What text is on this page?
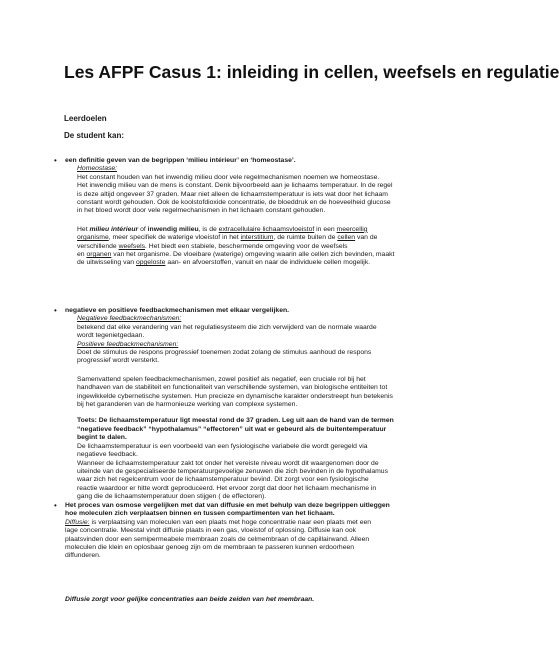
Les AFPF Casus 1: inleiding in cellen, weefsels en regulatie

Leerdoelen

De student kan:

• een definitie geven van de begrippen ‘milieu intérieur’ en ‘homeostase’.

Homeostase:

Het constant houden van het inwendig milieu door vele regelmechanismen noemen we homeostase.

Het inwendig milieu van de mens is constant. Denk bijvoorbeeld aan je lichaams temperatuur. In de regel

is deze altijd ongeveer 37 graden. Maar niet alleen de lichaamstemperatuur is iets wat door het lichaam

constant wordt gehouden. Ook de koolstofdioxide concentratie, de bloeddruk en de hoeveelheid glucose

in het bloed wordt door vele regelmechanismen in het lichaam constant gehouden.

Het milieu intérieur of inwendig milieu, is de extracellulaire lichaamsvloeistof in een meercellig

organisme, meer specifiek de waterige vloeistof in het interstitium, de ruimte buiten de cellen van de

verschillende weefsels. Het biedt een stabiele, beschermende omgeving voor de weefsels

en organen van het organisme. De vloeibare (waterige) omgeving waarin alle cellen zich bevinden, maakt

de uitwisseling van opgeloste aan- en afvoerstoffen, vanuit en naar de individuele cellen mogelijk.

• negatieve en positieve feedbackmechanismen met elkaar vergelijken.

Negatieve feedbackmechanismen:

betekend dat elke verandering van het regulatiesysteem die zich verwijderd van de normale waarde

wordt tegenietgedaan.

Positieve feedbackmechanismen:

Doet de stimulus de respons progressief toenemen zodat zolang de stimulus aanhoud de respons

progressief wordt versterkt.

Samenvattend spelen feedbackmechanismen, zowel positief als negatief, een cruciale rol bij het

handhaven van de stabiliteit en functionaliteit van verschillende systemen, van biologische entiteiten tot

ingewikkelde cybernetische systemen. Hun precieze en dynamische karakter onderstreept hun betekenis

bij het garanderen van de harmonieuze werking van complexe systemen.

Toets: De lichaamstemperatuur ligt meestal rond de 37 graden. Leg uit aan de hand van de termen

“negatieve feedback” “hypothalamus” “effectoren” uit wat er gebeurd als de buitentemperatuur

begint te dalen.

De lichaamstemperatuur is een voorbeeld van een fysiologische variabele die wordt geregeld via

negatieve feedback.

Wanneer de lichaamstemperatuur zakt tot onder het vereiste niveau wordt dit waargenomen door de

uiteinde van de gespecialiseerde temperatuurgevoelige zenuwen die zich bevinden in de hypothalamus

waar zich het regelcentrum voor de lichaamstemperatuur bevind. Dit zorgt voor een fysiologische

reactie waardoor er hitte wordt geproduceerd. Het ervoor zorgt dat door het lichaam mechanisme in

gang die de lichaamstemperatuur doen stijgen ( de effectoren).

• Het proces van osmose vergelijken met dat van diffusie en met behulp van deze begrippen uitleggen

hoe moleculen zich verplaatsen binnen en tussen compartimenten van het lichaam.

Diffusie: is verplaatsing van moleculen van een plaats met hoge concentratie naar een plaats met een

lage concentratie. Meestal vindt diffusie plaats in een gas, vloeistof of oplossing. Diffusie kan ook

plaatsvinden door een semipermeabele membraan zoals de celmembraan of de capillairwand. Alleen

moleculen die klein en oplosbaar genoeg zijn om de membraan te passeren kunnen erdoorheen

diffunderen.

Diffusie zorgt voor gelijke concentraties aan beide zeiden van het membraan.
